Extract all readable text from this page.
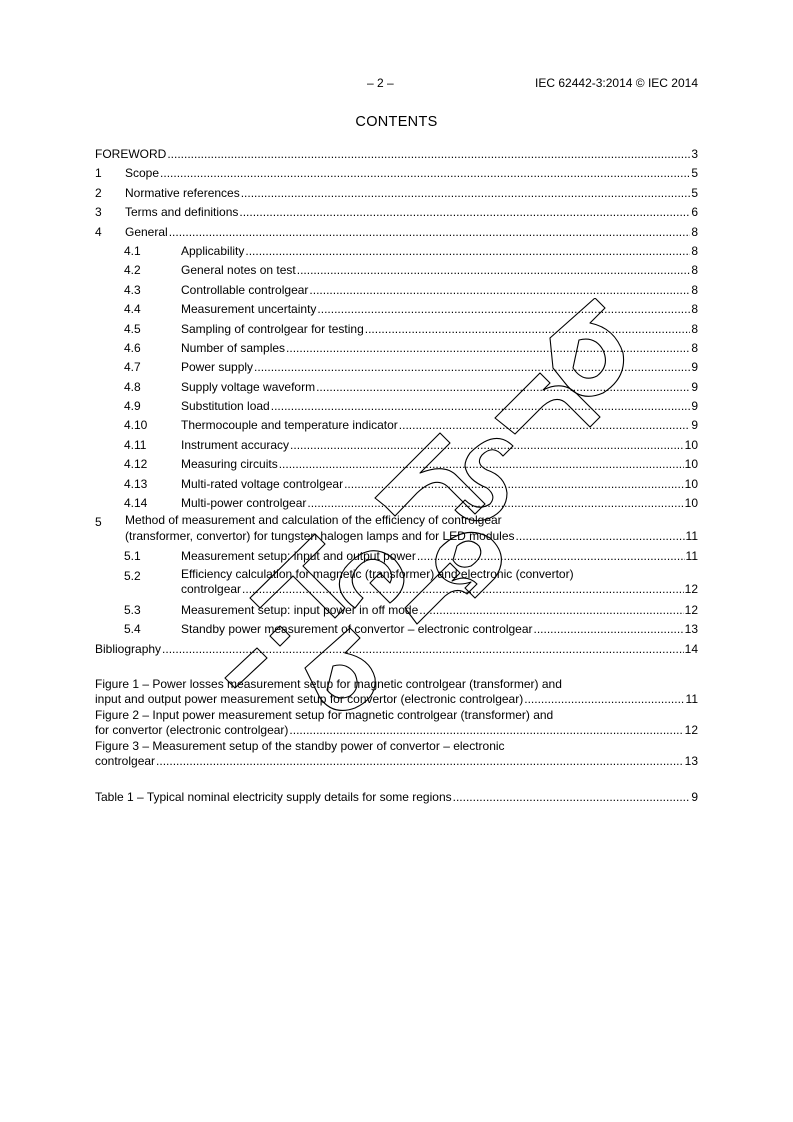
– 2 –	IEC 62442-3:2014 © IEC 2014
CONTENTS
FOREWORD .....	3
1 Scope .....	5
2 Normative references .....	5
3 Terms and definitions .....	6
4 General .....	8
4.1	Applicability .....	8
4.2	General notes on test .....	8
4.3	Controllable controlgear .....	8
4.4	Measurement uncertainty .....	8
4.5	Sampling of controlgear for testing .....	8
4.6	Number of samples .....	8
4.7	Power supply .....	9
4.8	Supply voltage waveform .....	9
4.9	Substitution load .....	9
4.10	Thermocouple and temperature indicator .....	9
4.11	Instrument accuracy .....	10
4.12	Measuring circuits .....	10
4.13	Multi-rated voltage controlgear .....	10
4.14	Multi-power controlgear .....	10
5 Method of measurement and calculation of the efficiency of controlgear
(transformer, convertor) for tungsten halogen lamps and for LED modules .....	11
5.1	Measurement setup: input and output power .....	11
5.2	Efficiency calculation for magnetic (transformer) and electronic (convertor)
controlgear .....	12
5.3	Measurement setup: input power in off mode .....	12
5.4	Standby power measurement of convertor – electronic controlgear .....	13
Bibliography .....	14
Figure 1 – Power losses measurement setup for magnetic controlgear (transformer) and
input and output power measurement setup for convertor (electronic controlgear) .....	11
Figure 2 – Input power measurement setup for magnetic controlgear (transformer) and
for convertor (electronic controlgear) .....	12
Figure 3 – Measurement setup of the standby power of convertor – electronic
controlgear .....	13
Table 1 – Typical nominal electricity supply details for some regions .....	9
